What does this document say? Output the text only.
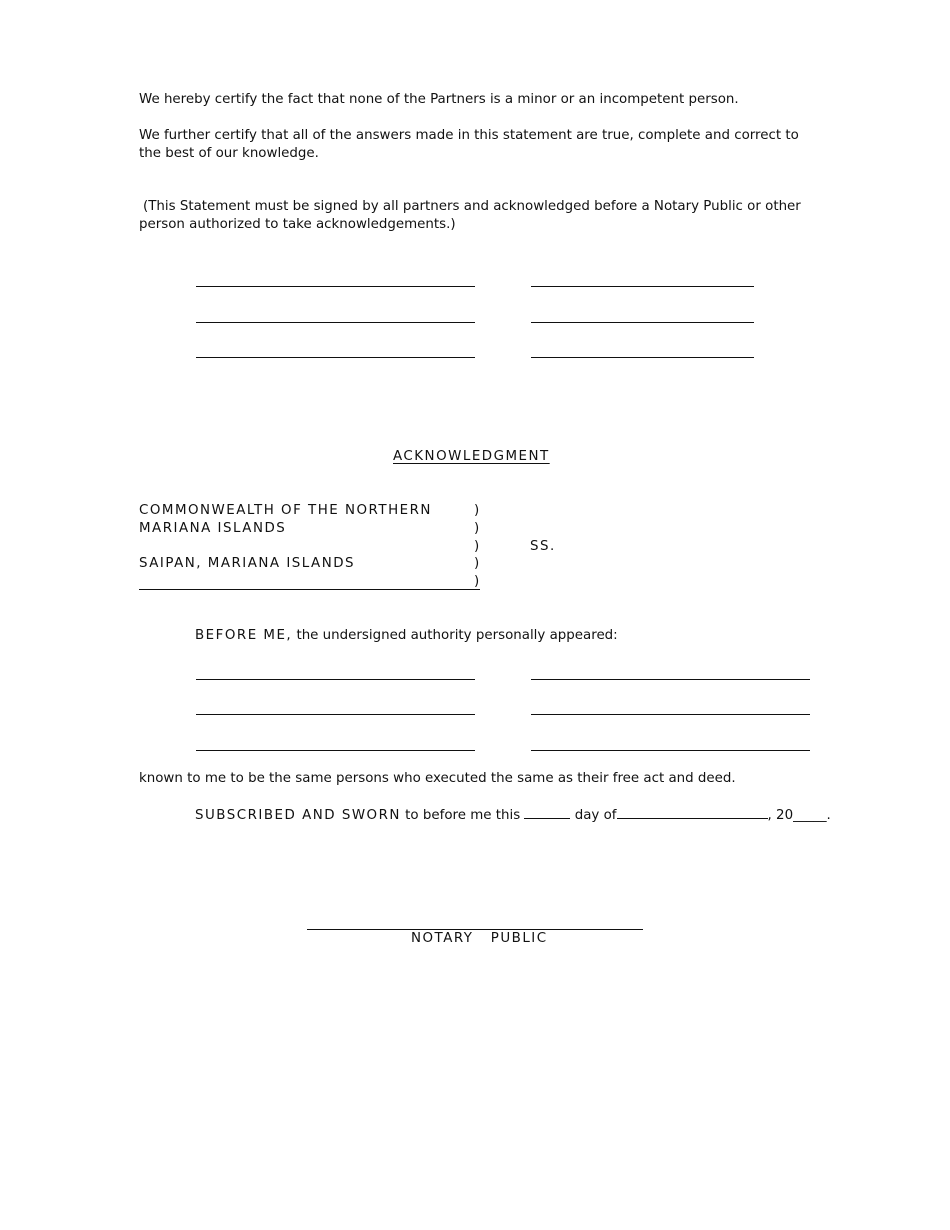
We hereby certify the fact that none of the Partners is a minor or an incompetent person.
We further certify that all of the answers made in this statement are true, complete and correct to the best of our knowledge.
(This Statement must be signed by all partners and acknowledged before a Notary Public or other person authorized to take acknowledgements.)
ACKNOWLEDGMENT
COMMONWEALTH OF THE NORTHERN
MARIANA ISLANDS
SAIPAN, MARIANA ISLANDS
)
)
)
)
)
SS.
BEFORE ME, the undersigned authority personally appeared:
known to me to be the same persons who executed the same as their free act and deed.
SUBSCRIBED AND SWORN to before me this	day of	, 20_____.
NOTARY   PUBLIC
